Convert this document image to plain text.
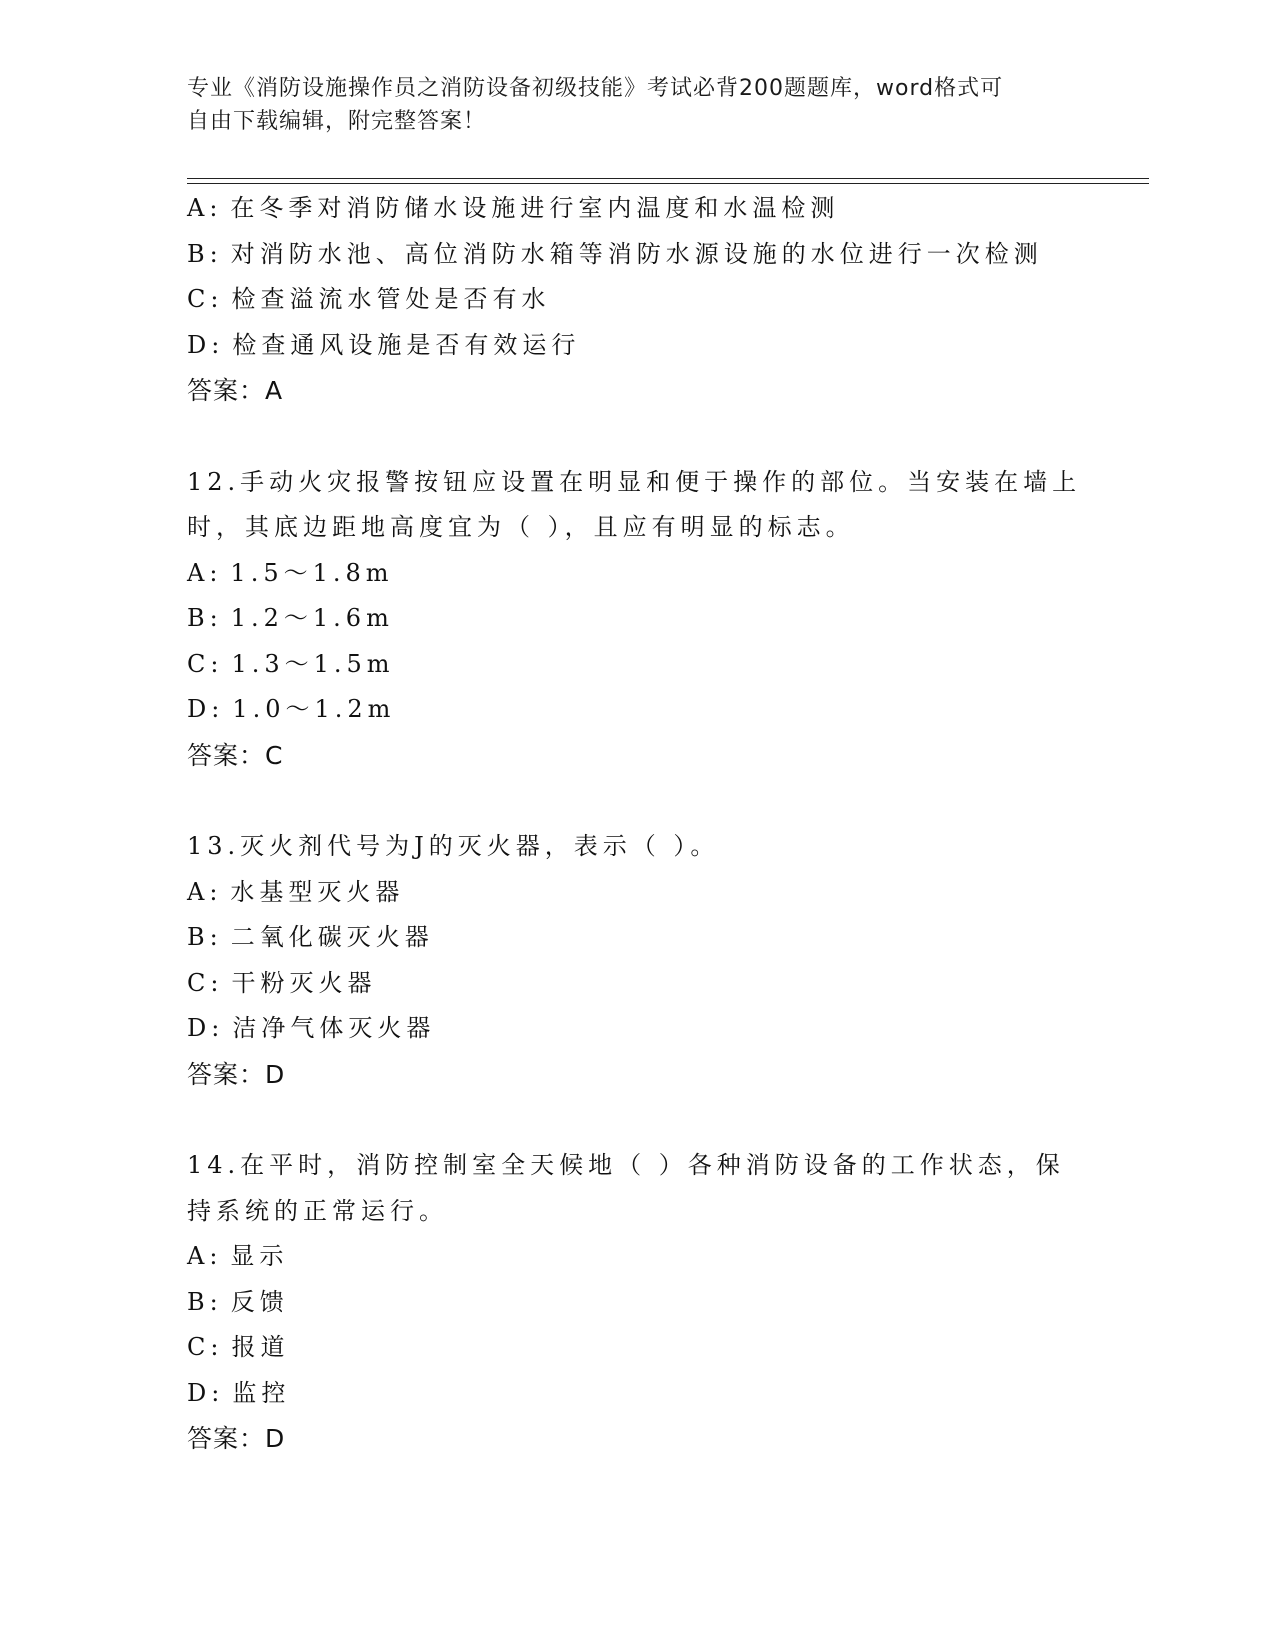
专业《消防设施操作员之消防设备初级技能》考试必背200题题库，word格式可
自由下载编辑，附完整答案！
A: 在冬季对消防储水设施进行室内温度和水温检测
B: 对消防水池、高位消防水箱等消防水源设施的水位进行一次检测
C: 检查溢流水管处是否有水
D: 检查通风设施是否有效运行
答案：A
12.手动火灾报警按钮应设置在明显和便于操作的部位。当安装在墙上
时，其底边距地高度宜为（ ），且应有明显的标志。
A: 1.5～1.8m
B: 1.2～1.6m
C: 1.3～1.5m
D: 1.0～1.2m
答案：C
13.灭火剂代号为J的灭火器，表示（ ）。
A: 水基型灭火器
B: 二氧化碳灭火器
C: 干粉灭火器
D: 洁净气体灭火器
答案：D
14.在平时，消防控制室全天候地（ ）各种消防设备的工作状态，保
持系统的正常运行。
A: 显示
B: 反馈
C: 报道
D: 监控
答案：D
